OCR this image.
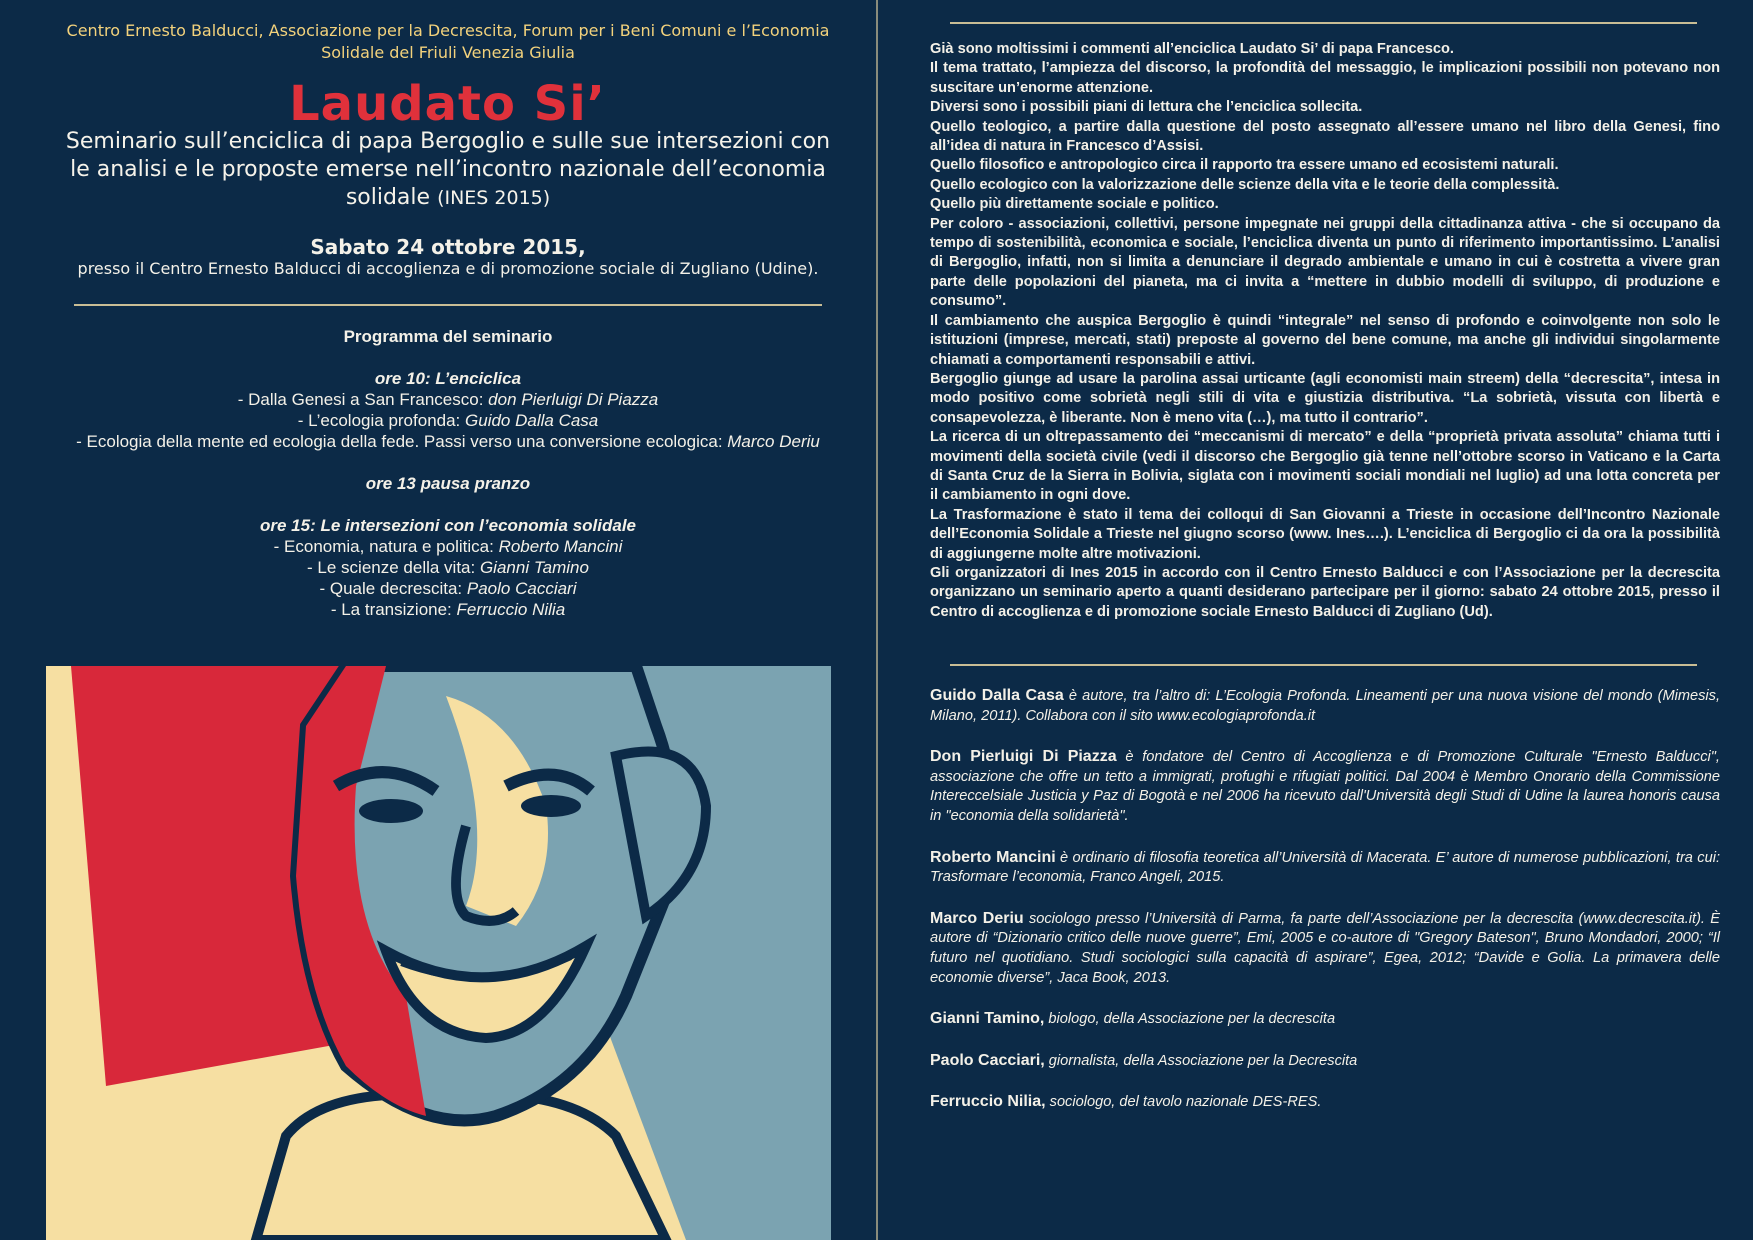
Centro Ernesto Balducci, Associazione per la Decrescita, Forum per i Beni Comuni e l’Economia Solidale del Friuli Venezia Giulia
Laudato Si’
Seminario sull’enciclica di papa Bergoglio e sulle sue intersezioni con le analisi e le proposte emerse nell’incontro nazionale dell’economia solidale (INES 2015)
Sabato 24 ottobre 2015,
presso il Centro Ernesto Balducci di accoglienza e di promozione sociale di Zugliano (Udine).
Programma del seminario
ore 10: L’enciclica
- Dalla Genesi a San Francesco: don Pierluigi Di Piazza
- L’ecologia profonda: Guido Dalla Casa
- Ecologia della mente ed ecologia della fede. Passi verso una conversione ecologica: Marco Deriu
ore 13 pausa pranzo
ore 15: Le intersezioni con l’economia solidale
- Economia, natura e politica: Roberto Mancini
- Le scienze della vita: Gianni Tamino
- Quale decrescita: Paolo Cacciari
- La transizione: Ferruccio Nilia

Già sono moltissimi i commenti all’enciclica Laudato Si’ di papa Francesco.

Il tema trattato, l’ampiezza del discorso, la profondità del messaggio, le implicazioni possibili non potevano non suscitare un’enorme attenzione.

Diversi sono i possibili piani di lettura che l’enciclica sollecita.

Quello teologico, a partire dalla questione del posto assegnato all’essere umano nel libro della Genesi, fino all’idea di natura in Francesco d’Assisi.

Quello filosofico e antropologico circa il rapporto tra essere umano ed ecosistemi naturali.

Quello ecologico con la valorizzazione delle scienze della vita e le teorie della complessità.

Quello più direttamente sociale e politico.

Per coloro - associazioni, collettivi, persone impegnate nei gruppi della cittadinanza attiva - che si occupano da tempo di sostenibilità, economica e sociale, l’enciclica diventa un punto di riferimento importantissimo. L’analisi di Bergoglio, infatti, non si limita a denunciare il degrado ambientale e umano in cui è costretta a vivere gran parte delle popolazioni del pianeta, ma ci invita a “mettere in dubbio modelli di sviluppo, di produzione e consumo”.

Il cambiamento che auspica Bergoglio è quindi “integrale” nel senso di profondo e coinvolgente non solo le istituzioni (imprese, mercati, stati) preposte al governo del bene comune, ma anche gli individui singolarmente chiamati a comportamenti responsabili e attivi.

Bergoglio giunge ad usare la parolina assai urticante (agli economisti main streem) della “decrescita”, intesa in modo positivo come sobrietà negli stili di vita e giustizia distributiva. “La sobrietà, vissuta con libertà e consapevolezza, è liberante. Non è meno vita (…), ma tutto il contrario”.

La ricerca di un oltrepassamento dei “meccanismi di mercato” e della “proprietà privata assoluta” chiama tutti i movimenti della società civile (vedi il discorso che Bergoglio già tenne nell’ottobre scorso in Vaticano e la Carta di Santa Cruz de la Sierra in Bolivia, siglata con i movimenti sociali mondiali nel luglio) ad una lotta concreta per il cambiamento in ogni dove.

La Trasformazione è stato il tema dei colloqui di San Giovanni a Trieste in occasione dell’Incontro Nazionale dell’Economia Solidale a Trieste nel giugno scorso (www. Ines….). L’enciclica di Bergoglio ci da ora la possibilità di aggiungerne molte altre motivazioni.

Gli organizzatori di Ines 2015 in accordo con il Centro Ernesto Balducci e con l’Associazione per la decrescita organizzano un seminario aperto a quanti desiderano partecipare per il giorno: sabato 24 ottobre 2015, presso il Centro di accoglienza e di promozione sociale Ernesto Balducci di Zugliano (Ud).

Guido Dalla Casa è autore, tra l’altro di: L’Ecologia Profonda. Lineamenti per una nuova visione del mondo (Mimesis, Milano, 2011). Collabora con il sito www.ecologiaprofonda.it

Don Pierluigi Di Piazza è fondatore del Centro di Accoglienza e di Promozione Culturale "Ernesto Balducci", associazione che offre un tetto a immigrati, profughi e rifugiati politici. Dal 2004 è Membro Onorario della Commissione Intereccelsiale Justicia y Paz di Bogotà e nel 2006 ha ricevuto dall'Università degli Studi di Udine la laurea honoris causa in "economia della solidarietà".

Roberto Mancini è ordinario di filosofia teoretica all’Università di Macerata. E’ autore di numerose pubblicazioni, tra cui: Trasformare l’economia, Franco Angeli, 2015.

Marco Deriu sociologo presso l’Università di Parma, fa parte dell’Associazione per la decrescita (www.decrescita.it). È autore di “Dizionario critico delle nuove guerre”, Emi, 2005 e co-autore di "Gregory Bateson", Bruno Mondadori, 2000; “Il futuro nel quotidiano. Studi sociologici sulla capacità di aspirare”, Egea, 2012; “Davide e Golia. La primavera delle economie diverse”, Jaca Book, 2013.

Gianni Tamino, biologo, della Associazione per la decrescita

Paolo Cacciari, giornalista, della Associazione per la Decrescita

Ferruccio Nilia, sociologo, del tavolo nazionale DES-RES.
